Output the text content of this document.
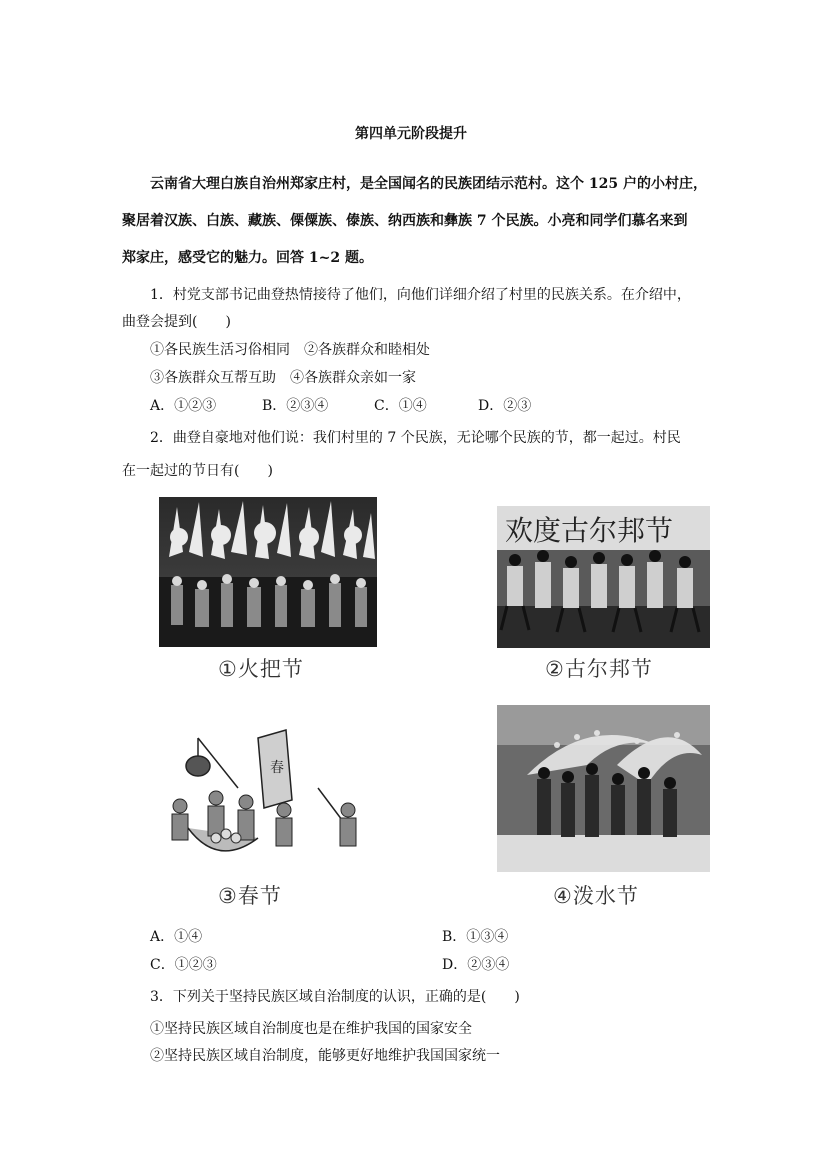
第四单元阶段提升
云南省大理白族自治州郑家庄村，是全国闻名的民族团结示范村。这个 125 户的小村庄，
聚居着汉族、白族、藏族、傈僳族、傣族、纳西族和彝族 7 个民族。小亮和同学们慕名来到
郑家庄，感受它的魅力。回答 1~2 题。
1．村党支部书记曲登热情接待了他们，向他们详细介绍了村里的民族关系。在介绍中，
曲登会提到(　　)
①各民族生活习俗相同　②各族群众和睦相处
③各族群众互帮互助　④各族群众亲如一家
A．①②③	B．②③④	C．①④	D．②③
2．曲登自豪地对他们说：我们村里的 7 个民族，无论哪个民族的节，都一起过。村民
在一起过的节日有(　　)
①火把节
欢度古尔邦节
②古尔邦节
春
③春节	④泼水节
A．①④	B．①③④
C．①②③	D．②③④
3．下列关于坚持民族区域自治制度的认识，正确的是(　　)
①坚持民族区域自治制度也是在维护我国的国家安全
②坚持民族区域自治制度，能够更好地维护我国国家统一
